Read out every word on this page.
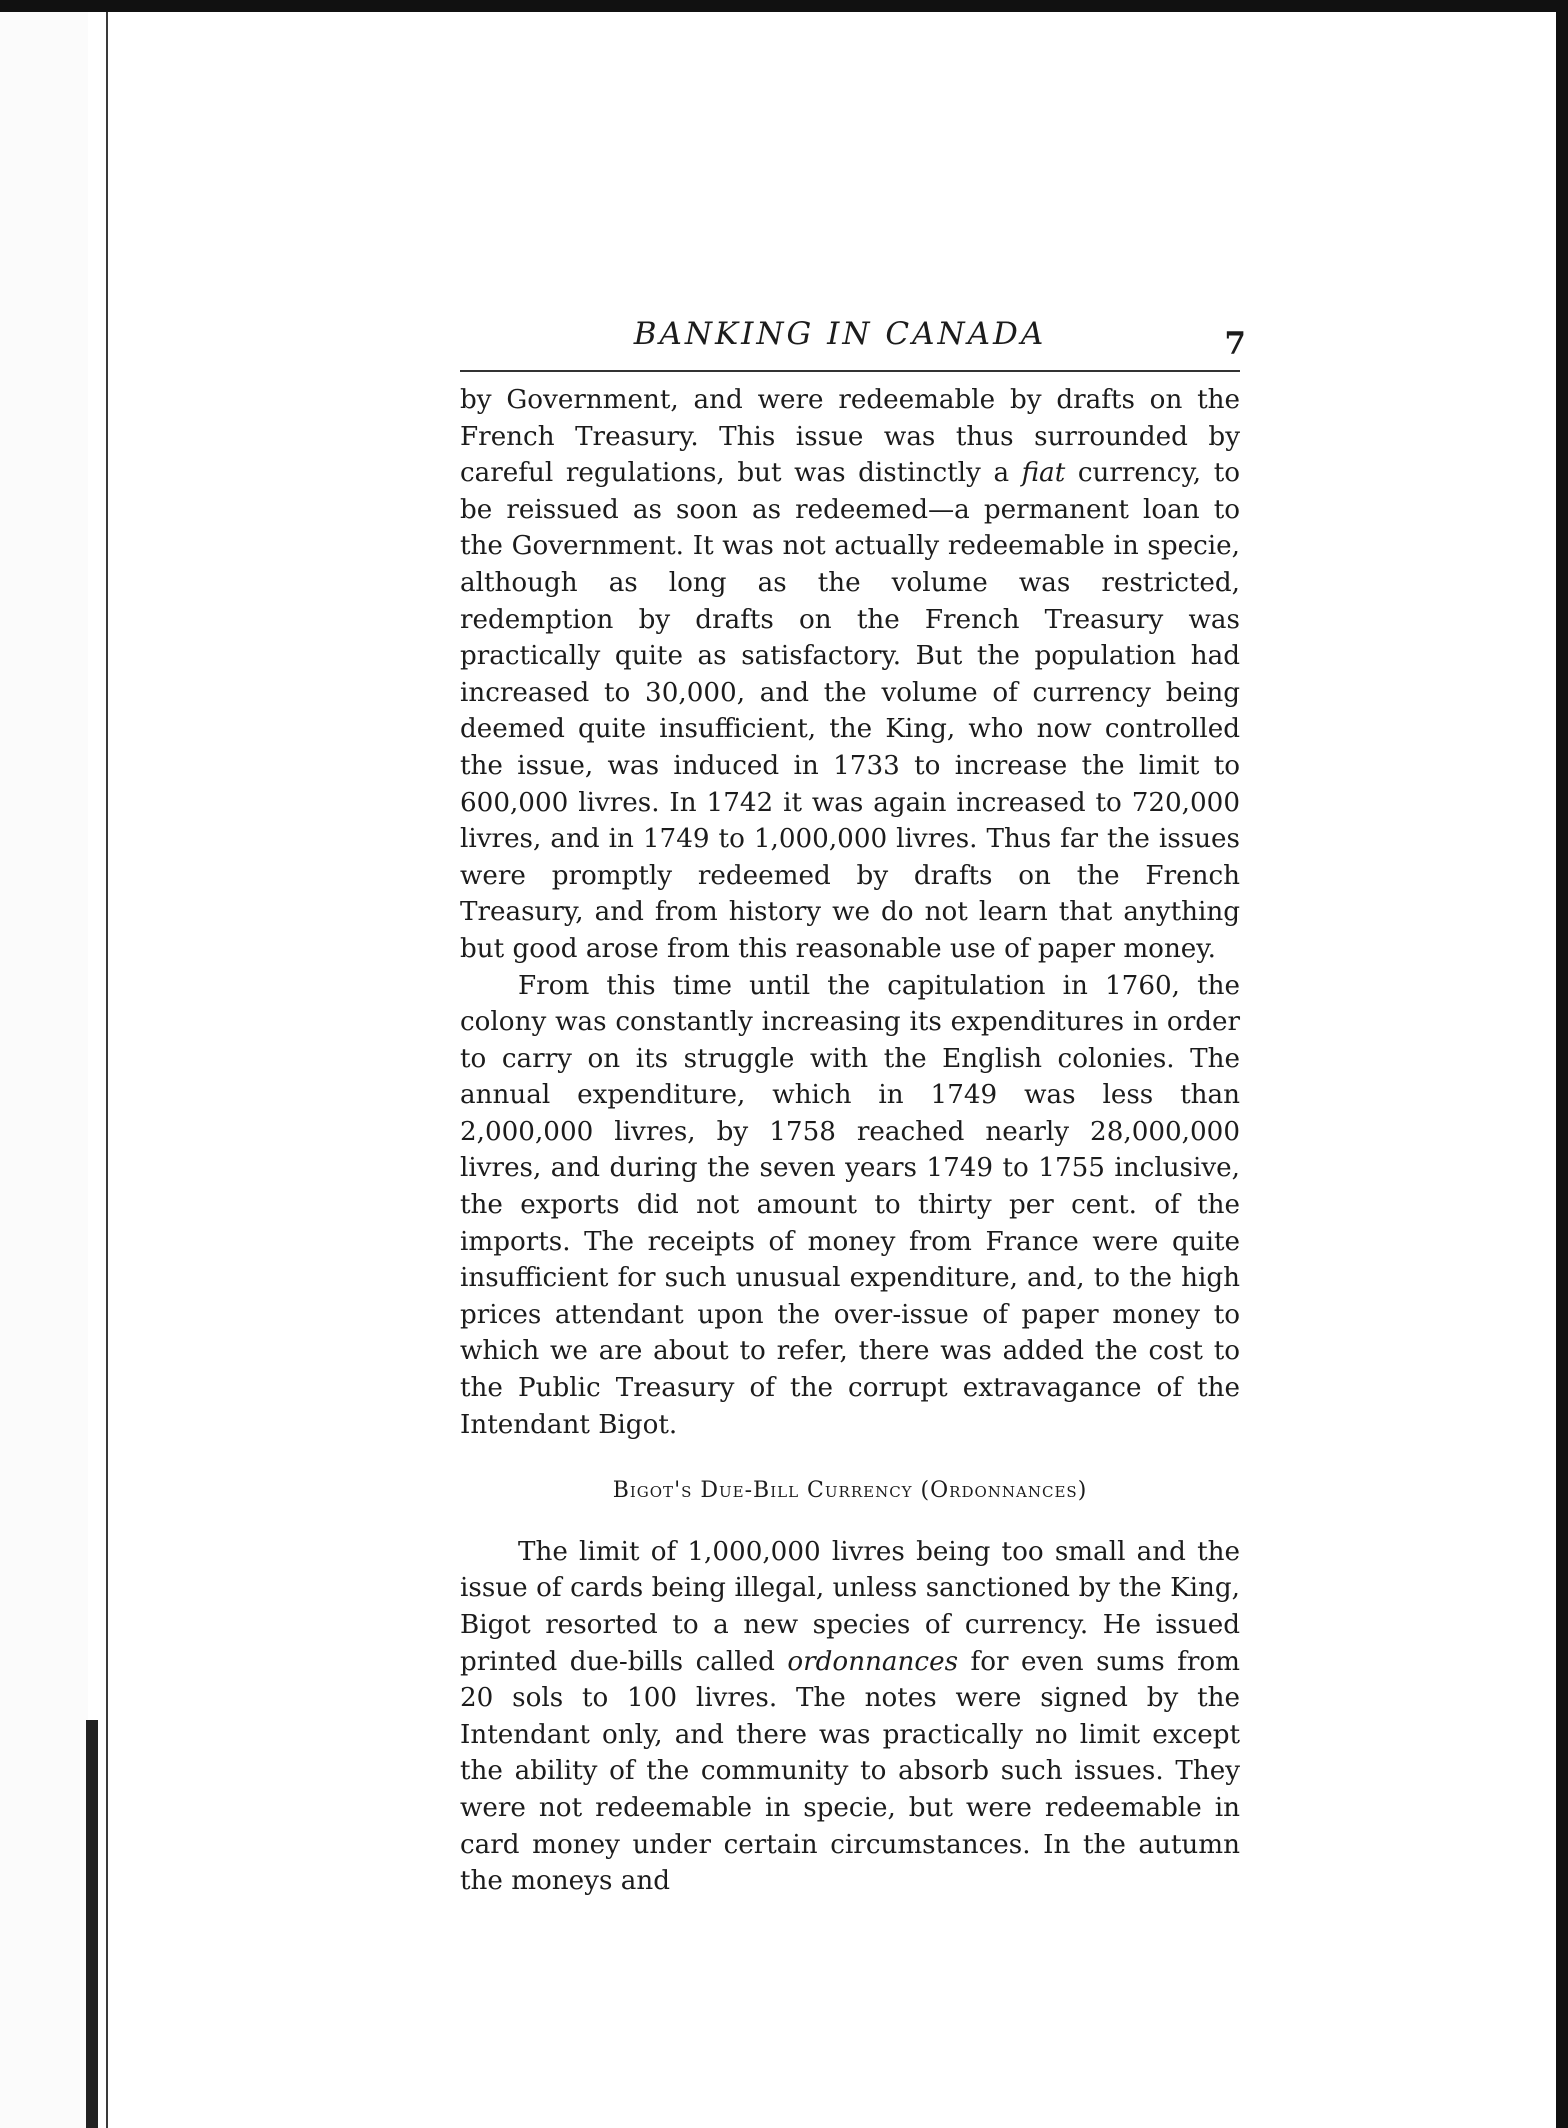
BANKING IN CANADA	7

by Government, and were redeemable by drafts on the French Treasury. This issue was thus surrounded by careful regulations, but was distinctly a fiat currency, to be reissued as soon as redeemed—a permanent loan to the Government. It was not actually redeemable in specie, although as long as the volume was restricted, redemption by drafts on the French Treasury was practically quite as satisfactory. But the population had increased to 30,000, and the volume of currency being deemed quite insufficient, the King, who now controlled the issue, was induced in 1733 to increase the limit to 600,000 livres. In 1742 it was again increased to 720,000 livres, and in 1749 to 1,000,000 livres. Thus far the issues were promptly redeemed by drafts on the French Treasury, and from history we do not learn that anything but good arose from this reasonable use of paper money.

From this time until the capitulation in 1760, the colony was constantly increasing its expenditures in order to carry on its struggle with the English colonies. The annual expenditure, which in 1749 was less than 2,000,000 livres, by 1758 reached nearly 28,000,000 livres, and during the seven years 1749 to 1755 inclusive, the exports did not amount to thirty per cent. of the imports. The receipts of money from France were quite insufficient for such unusual expenditure, and, to the high prices attendant upon the over-issue of paper money to which we are about to refer, there was added the cost to the Public Treasury of the corrupt extravagance of the Intendant Bigot.

Bigot's Due-Bill Currency (Ordonnances)

The limit of 1,000,000 livres being too small and the issue of cards being illegal, unless sanctioned by the King, Bigot resorted to a new species of currency. He issued printed due-bills called ordonnances for even sums from 20 sols to 100 livres. The notes were signed by the Intendant only, and there was practically no limit except the ability of the community to absorb such issues. They were not redeemable in specie, but were redeemable in card money under certain circumstances. In the autumn the moneys and
